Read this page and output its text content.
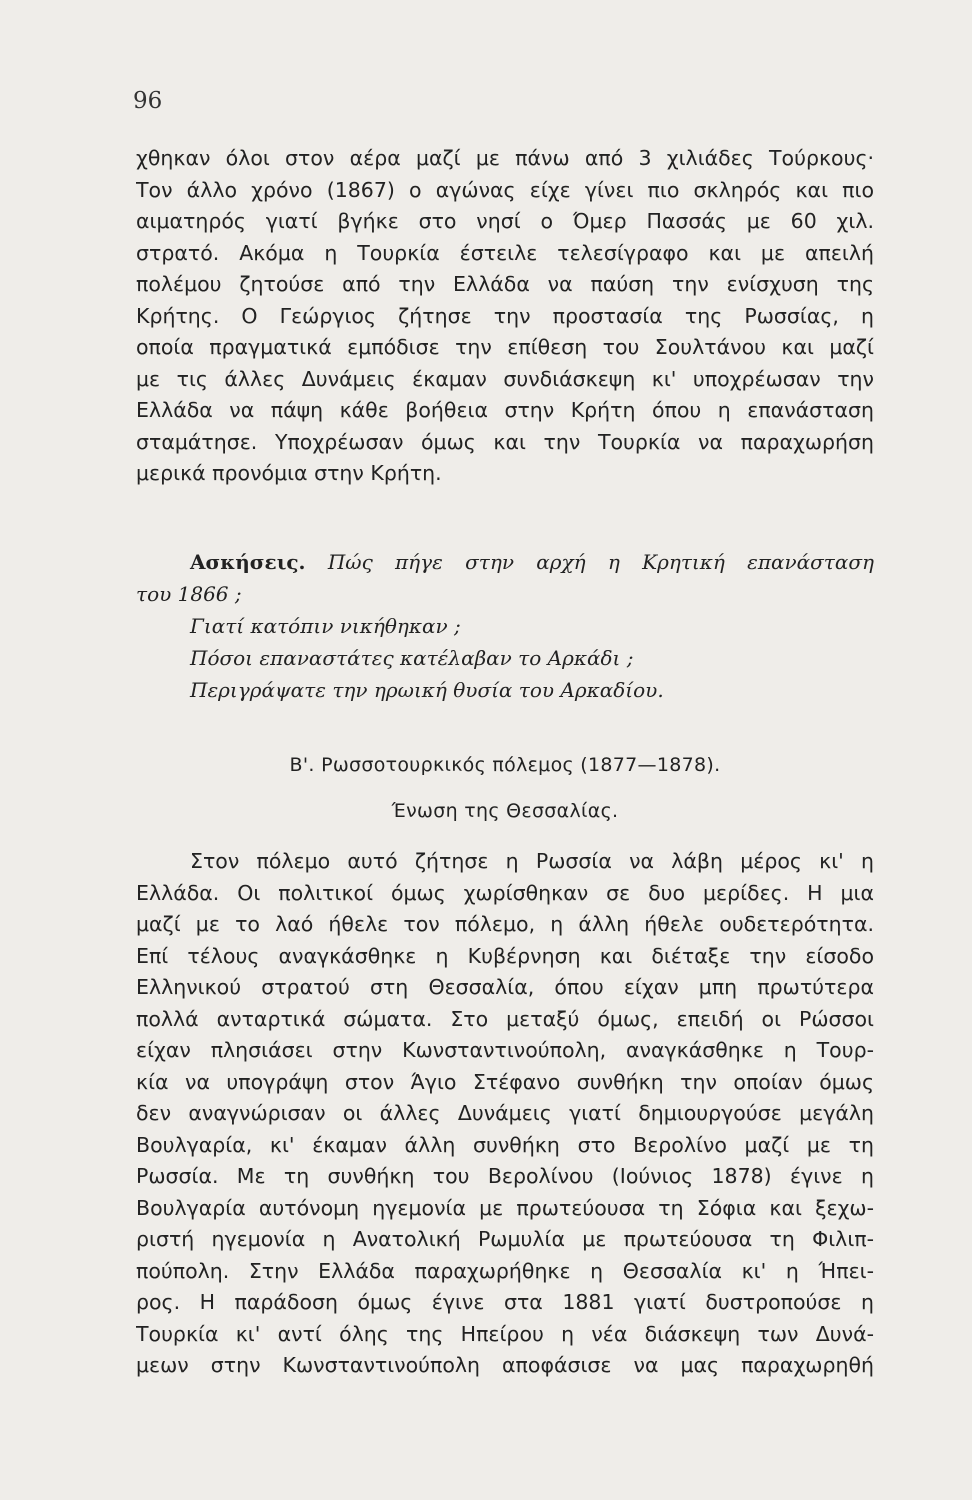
96
χθηκαν όλοι στον αέρα μαζί με πάνω από 3 χιλιάδες Τούρκους·
Τον άλλο χρόνο (1867) ο αγώνας είχε γίνει πιο σκληρός και πιο
αιματηρός γιατί βγήκε στο νησί ο Όμερ Πασσάς με 60 χιλ.
στρατό. Ακόμα η Τουρκία έστειλε τελεσίγραφο και με απειλή
πολέμου ζητούσε από την Ελλάδα να παύση την ενίσχυση της
Κρήτης. Ο Γεώργιος ζήτησε την προστασία της Ρωσσίας, η
οποία πραγματικά εμπόδισε την επίθεση του Σουλτάνου και μαζί
με τις άλλες Δυνάμεις έκαμαν συνδιάσκεψη κι' υποχρέωσαν την
Ελλάδα να πάψη κάθε βοήθεια στην Κρήτη όπου η επανάσταση
σταμάτησε. Υποχρέωσαν όμως και την Τουρκία να παραχωρήση
μερικά προνόμια στην Κρήτη.
Ασκήσεις. Πώς πήγε στην αρχή η Κρητική επανάσταση
του 1866 ;
Γιατί κατόπιν νικήθηκαν ;
Πόσοι επαναστάτες κατέλαβαν το Αρκάδι ;
Περιγράψατε την ηρωική θυσία του Αρκαδίου.
Β'. Ρωσσοτουρκικός πόλεμος (1877—1878).
Ένωση της Θεσσαλίας.
Στον πόλεμο αυτό ζήτησε η Ρωσσία να λάβη μέρος κι' η
Ελλάδα. Οι πολιτικοί όμως χωρίσθηκαν σε δυο μερίδες. Η μια
μαζί με το λαό ήθελε τον πόλεμο, η άλλη ήθελε ουδετερότητα.
Επί τέλους αναγκάσθηκε η Κυβέρνηση και διέταξε την είσοδο
Ελληνικού στρατού στη Θεσσαλία, όπου είχαν μπη πρωτύτερα
πολλά ανταρτικά σώματα. Στο μεταξύ όμως, επειδή οι Ρώσσοι
είχαν πλησιάσει στην Κωνσταντινούπολη, αναγκάσθηκε η Τουρ-
κία να υπογράψη στον Άγιο Στέφανο συνθήκη την οποίαν όμως
δεν αναγνώρισαν οι άλλες Δυνάμεις γιατί δημιουργούσε μεγάλη
Βουλγαρία, κι' έκαμαν άλλη συνθήκη στο Βερολίνο μαζί με τη
Ρωσσία. Με τη συνθήκη του Βερολίνου (Ιούνιος 1878) έγινε η
Βουλγαρία αυτόνομη ηγεμονία με πρωτεύουσα τη Σόφια και ξεχω-
ριστή ηγεμονία η Ανατολική Ρωμυλία με πρωτεύουσα τη Φιλιπ-
πούπολη. Στην Ελλάδα παραχωρήθηκε η Θεσσαλία κι' η Ήπει-
ρος. Η παράδοση όμως έγινε στα 1881 γιατί δυστροπούσε η
Τουρκία κι' αντί όλης της Ηπείρου η νέα διάσκεψη των Δυνά-
μεων στην Κωνσταντινούπολη αποφάσισε να μας παραχωρηθή
